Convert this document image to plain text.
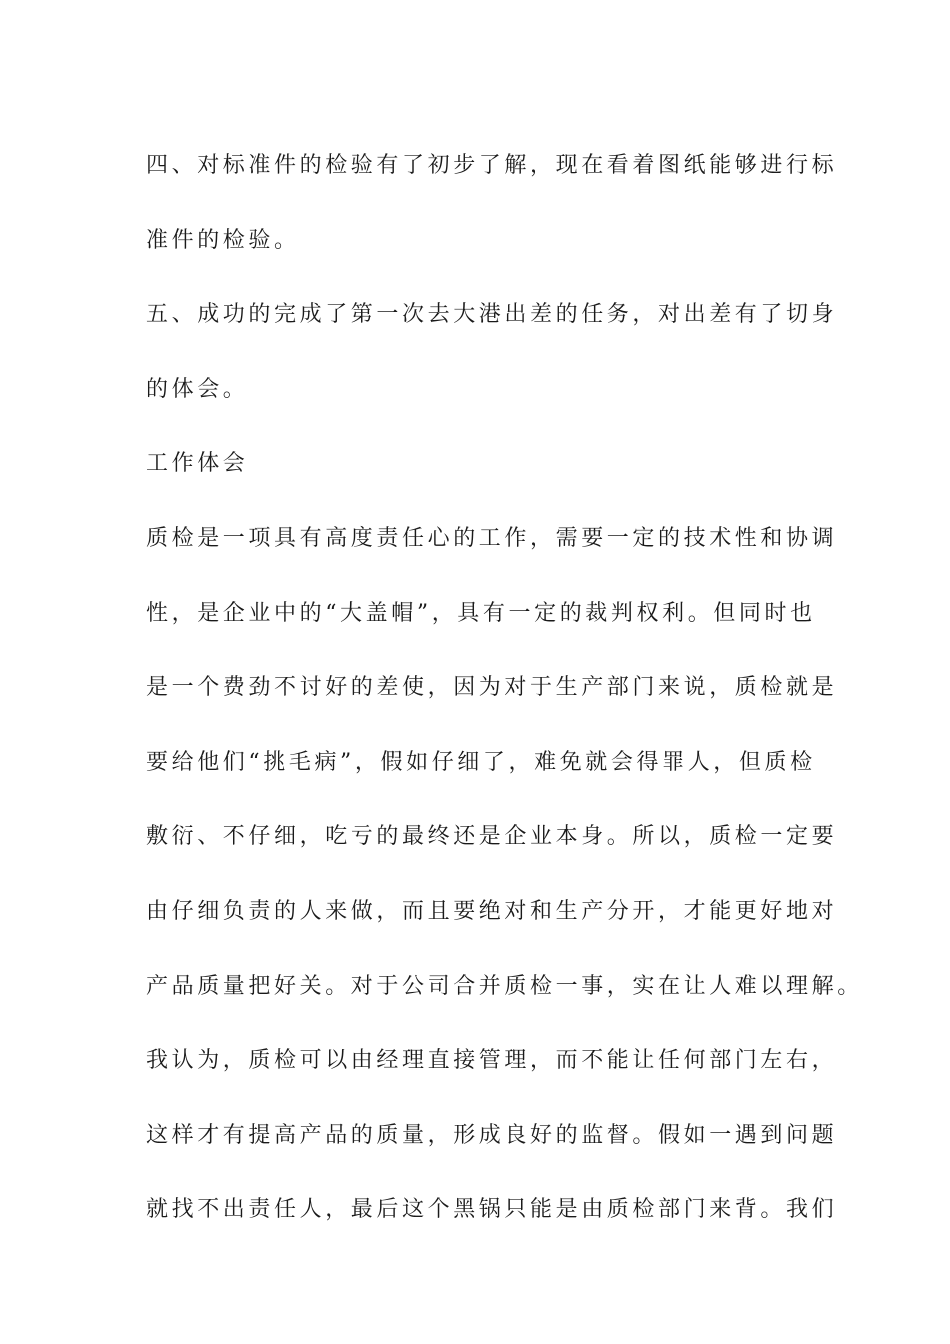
四、对标准件的检验有了初步了解，现在看着图纸能够进行标
准件的检验。
五、成功的完成了第一次去大港出差的任务，对出差有了切身
的体会。
工作体会
质检是一项具有高度责任心的工作，需要一定的技术性和协调
性，是企业中的“大盖帽”，具有一定的裁判权利。但同时也
是一个费劲不讨好的差使，因为对于生产部门来说，质检就是
要给他们“挑毛病”，假如仔细了，难免就会得罪人，但质检
敷衍、不仔细，吃亏的最终还是企业本身。所以，质检一定要
由仔细负责的人来做，而且要绝对和生产分开，才能更好地对
产品质量把好关。对于公司合并质检一事，实在让人难以理解。
我认为，质检可以由经理直接管理，而不能让任何部门左右，
这样才有提高产品的质量，形成良好的监督。假如一遇到问题
就找不出责任人，最后这个黑锅只能是由质检部门来背。我们
